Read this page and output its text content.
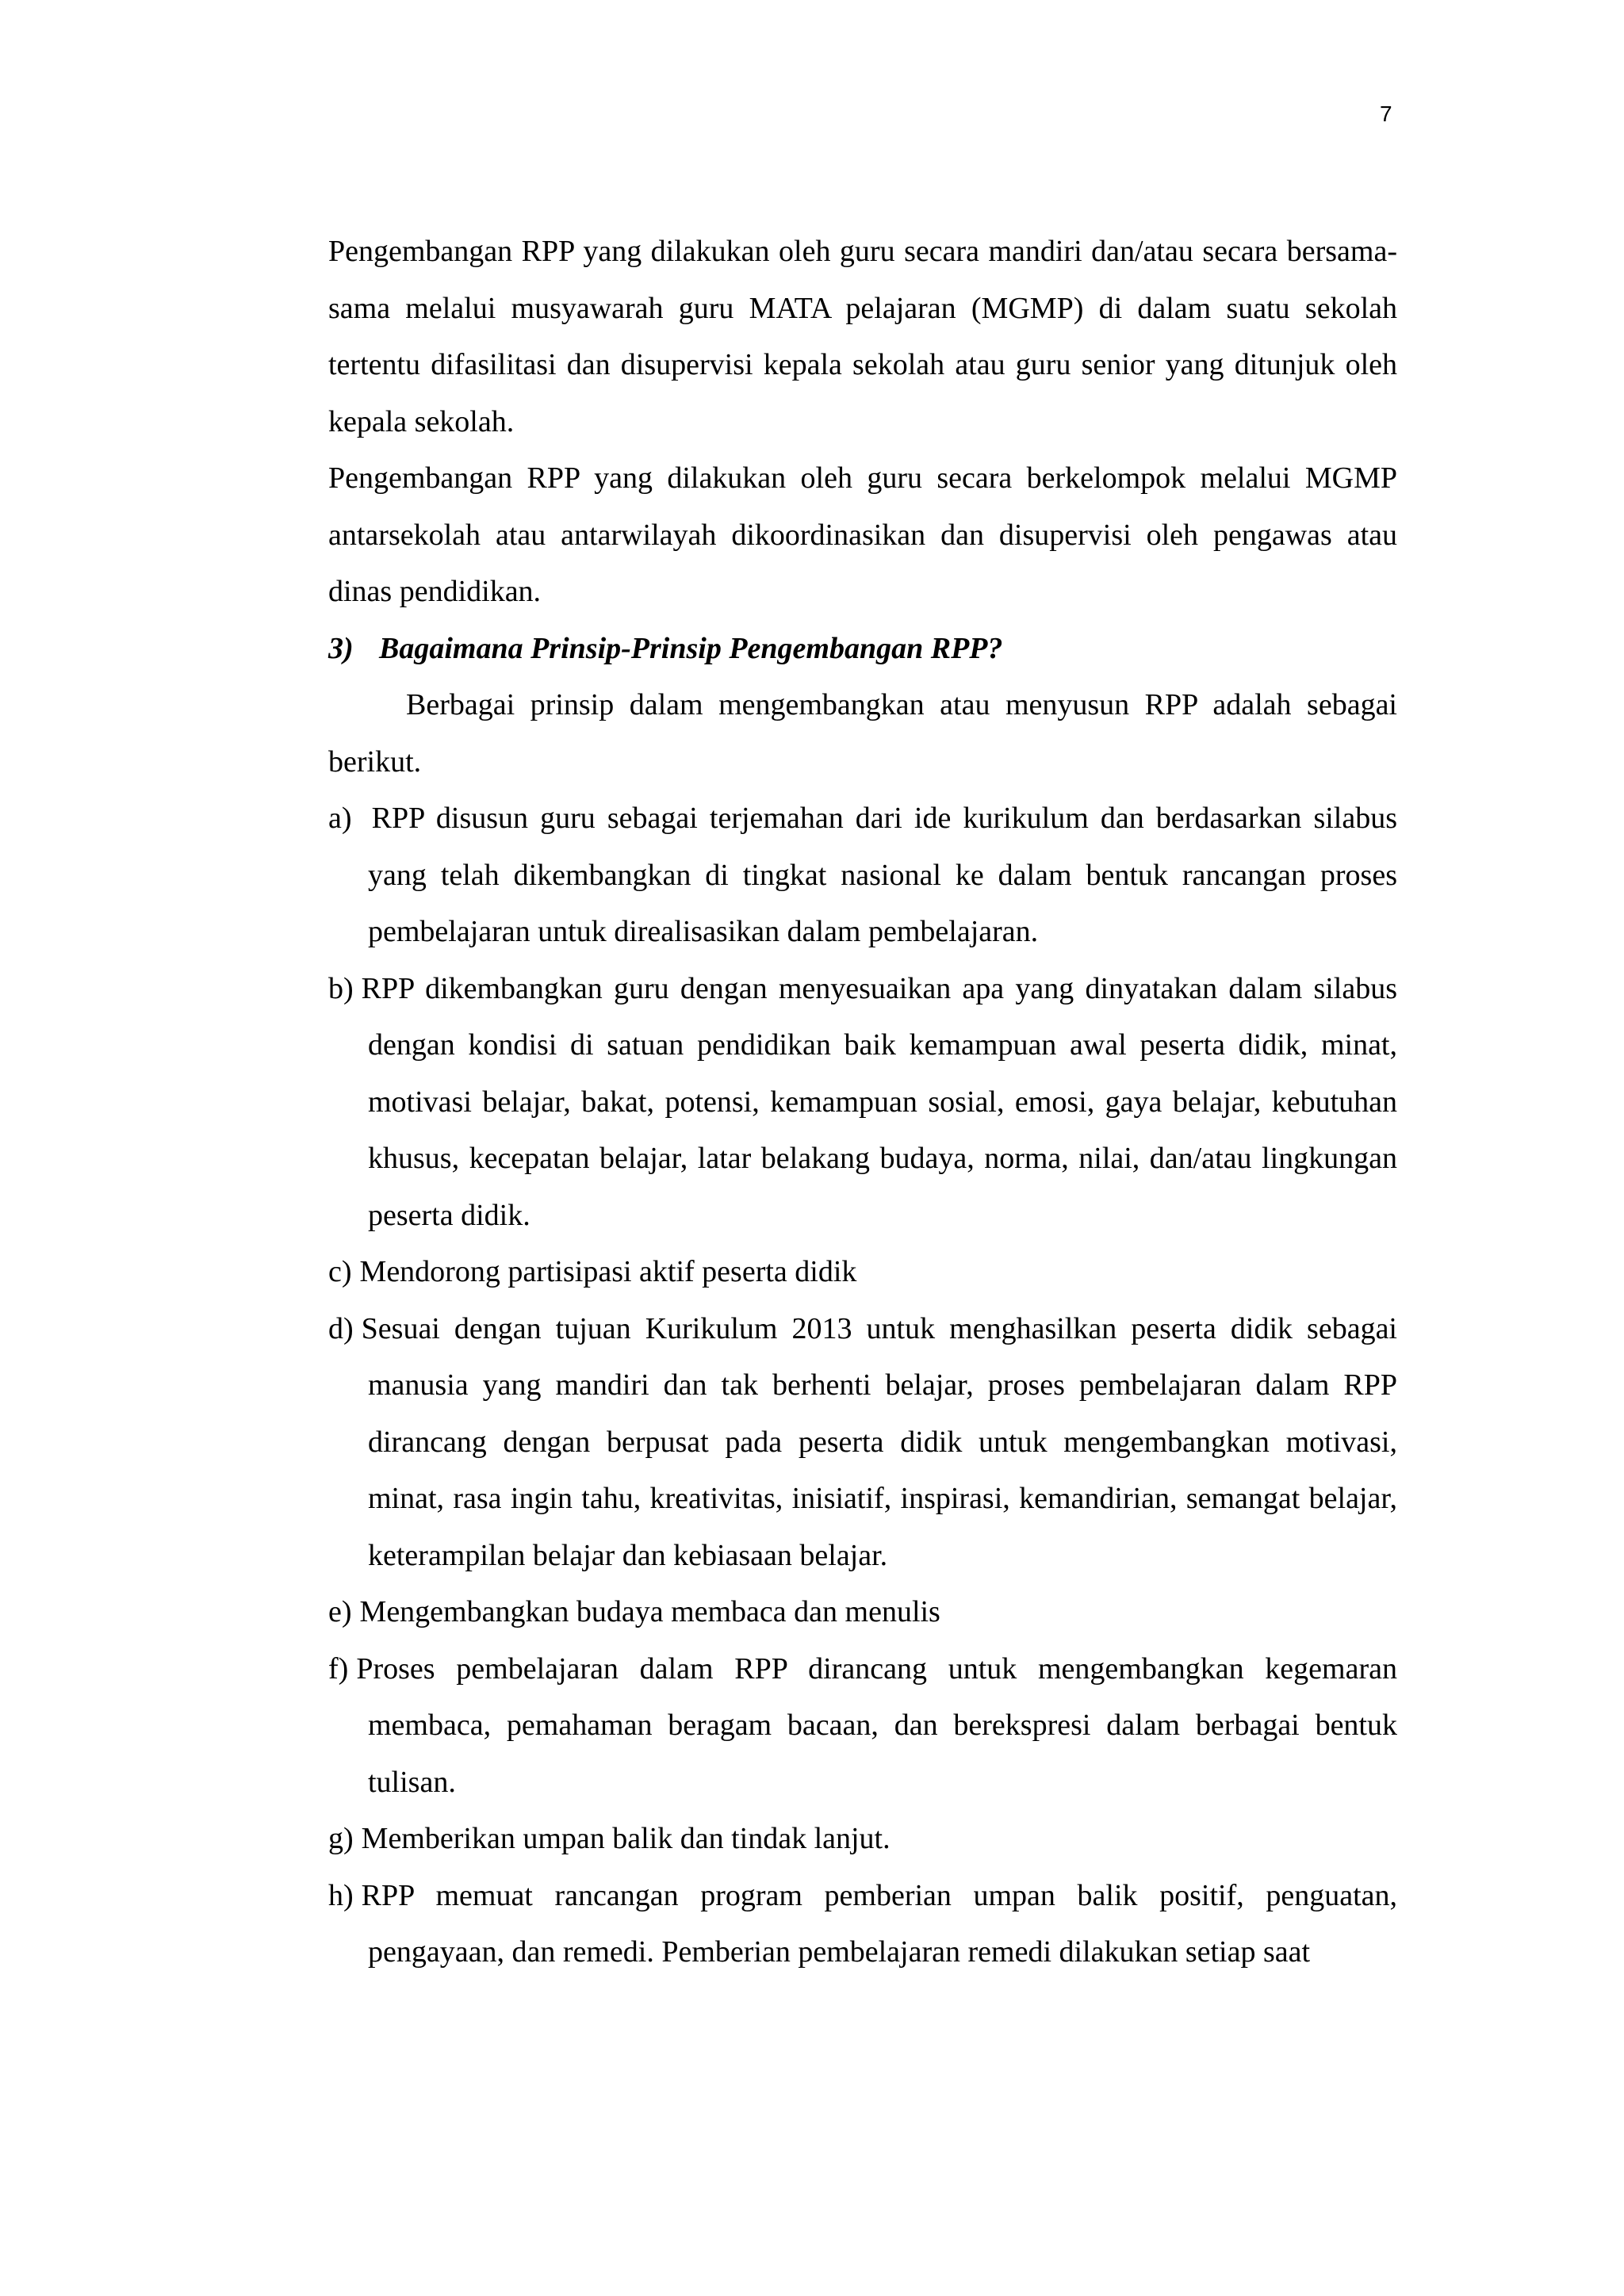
7

Pengembangan RPP yang dilakukan oleh guru secara mandiri dan/atau secara bersama-sama melalui musyawarah guru MATA pelajaran (MGMP) di dalam suatu sekolah tertentu difasilitasi dan disupervisi kepala sekolah atau guru senior yang ditunjuk oleh kepala sekolah.

Pengembangan RPP yang dilakukan oleh guru secara berkelompok melalui MGMP antarsekolah atau antarwilayah dikoordinasikan dan disupervisi oleh pengawas atau dinas pendidikan.

3) Bagaimana Prinsip-Prinsip Pengembangan RPP?

Berbagai prinsip dalam mengembangkan atau menyusun RPP adalah sebagai berikut.

a) RPP disusun guru sebagai terjemahan dari ide kurikulum dan berdasarkan silabus yang telah dikembangkan di tingkat nasional ke dalam bentuk rancangan proses pembelajaran untuk direalisasikan dalam pembelajaran.

b) RPP dikembangkan guru dengan menyesuaikan apa yang dinyatakan dalam silabus dengan kondisi di satuan pendidikan baik kemampuan awal peserta didik, minat, motivasi belajar, bakat, potensi, kemampuan sosial, emosi, gaya belajar, kebutuhan khusus, kecepatan belajar, latar belakang budaya, norma, nilai, dan/atau lingkungan peserta didik.

c) Mendorong partisipasi aktif peserta didik

d) Sesuai dengan tujuan Kurikulum 2013 untuk menghasilkan peserta didik sebagai manusia yang mandiri dan tak berhenti belajar, proses pembelajaran dalam RPP dirancang dengan berpusat pada peserta didik untuk mengembangkan motivasi, minat, rasa ingin tahu, kreativitas, inisiatif, inspirasi, kemandirian, semangat belajar, keterampilan belajar dan kebiasaan belajar.

e) Mengembangkan budaya membaca dan menulis

f) Proses pembelajaran dalam RPP dirancang untuk mengembangkan kegemaran membaca, pemahaman beragam bacaan, dan berekspresi dalam berbagai bentuk tulisan.

g) Memberikan umpan balik dan tindak lanjut.

h) RPP memuat rancangan program pemberian umpan balik positif, penguatan, pengayaan, dan remedi. Pemberian pembelajaran remedi dilakukan setiap saat
